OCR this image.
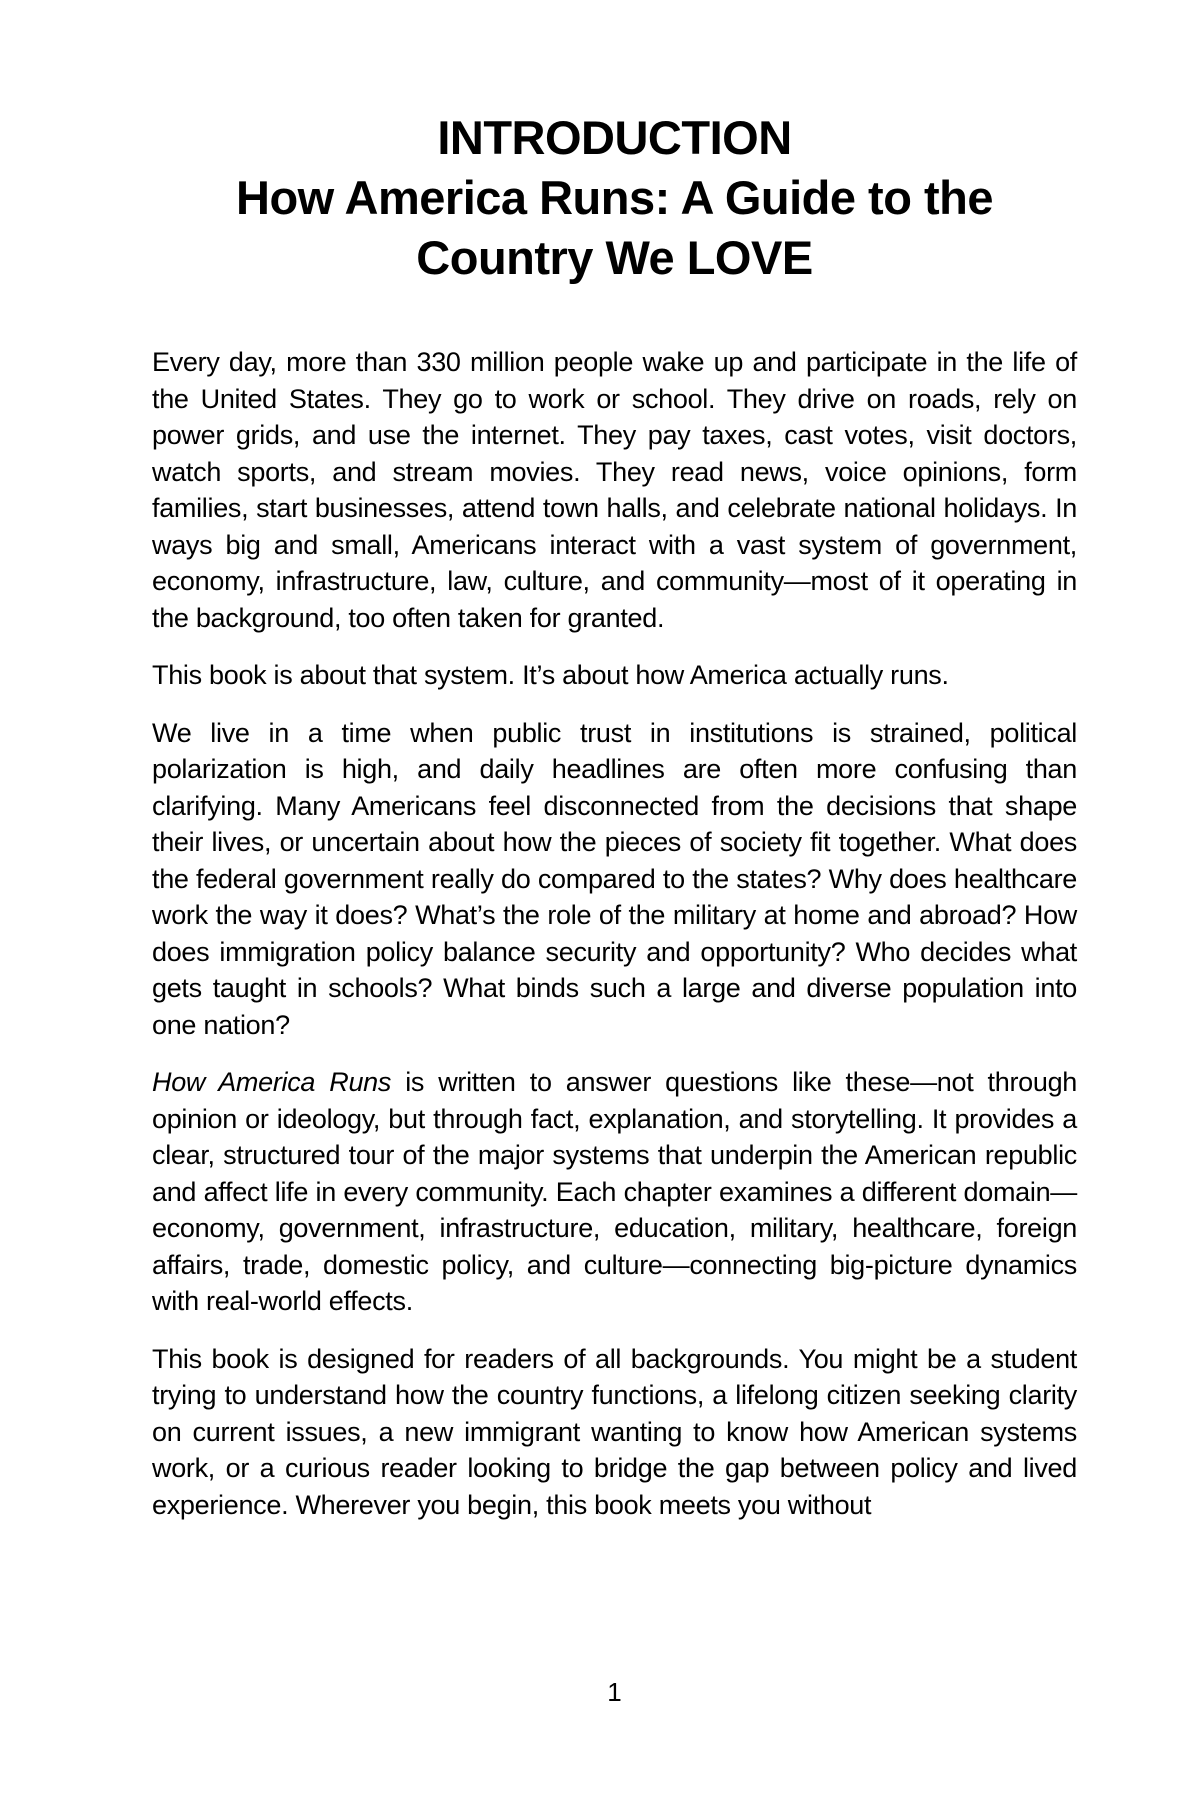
INTRODUCTION
How America Runs: A Guide to the
Country We LOVE

Every day, more than 330 million people wake up and participate in the life of the United States. They go to work or school. They drive on roads, rely on power grids, and use the internet. They pay taxes, cast votes, visit doctors, watch sports, and stream movies. They read news, voice opinions, form families, start businesses, attend town halls, and celebrate national holidays. In ways big and small, Americans interact with a vast system of government, economy, infrastructure, law, culture, and community—most of it operating in the background, too often taken for granted.

This book is about that system. It’s about how America actually runs.

We live in a time when public trust in institutions is strained, political polarization is high, and daily headlines are often more confusing than clarifying. Many Americans feel disconnected from the decisions that shape their lives, or uncertain about how the pieces of society fit together. What does the federal government really do compared to the states? Why does healthcare work the way it does? What’s the role of the military at home and abroad? How does immigration policy balance security and opportunity? Who decides what gets taught in schools? What binds such a large and diverse population into one nation?

How America Runs is written to answer questions like these—not through opinion or ideology, but through fact, explanation, and storytelling. It provides a clear, structured tour of the major systems that underpin the American republic and affect life in every community. Each chapter examines a different domain—economy, government, infrastructure, education, military, healthcare, foreign affairs, trade, domestic policy, and culture—connecting big-picture dynamics with real-world effects.

This book is designed for readers of all backgrounds. You might be a student trying to understand how the country functions, a lifelong citizen seeking clarity on current issues, a new immigrant wanting to know how American systems work, or a curious reader looking to bridge the gap between policy and lived experience. Wherever you begin, this book meets you without

1
